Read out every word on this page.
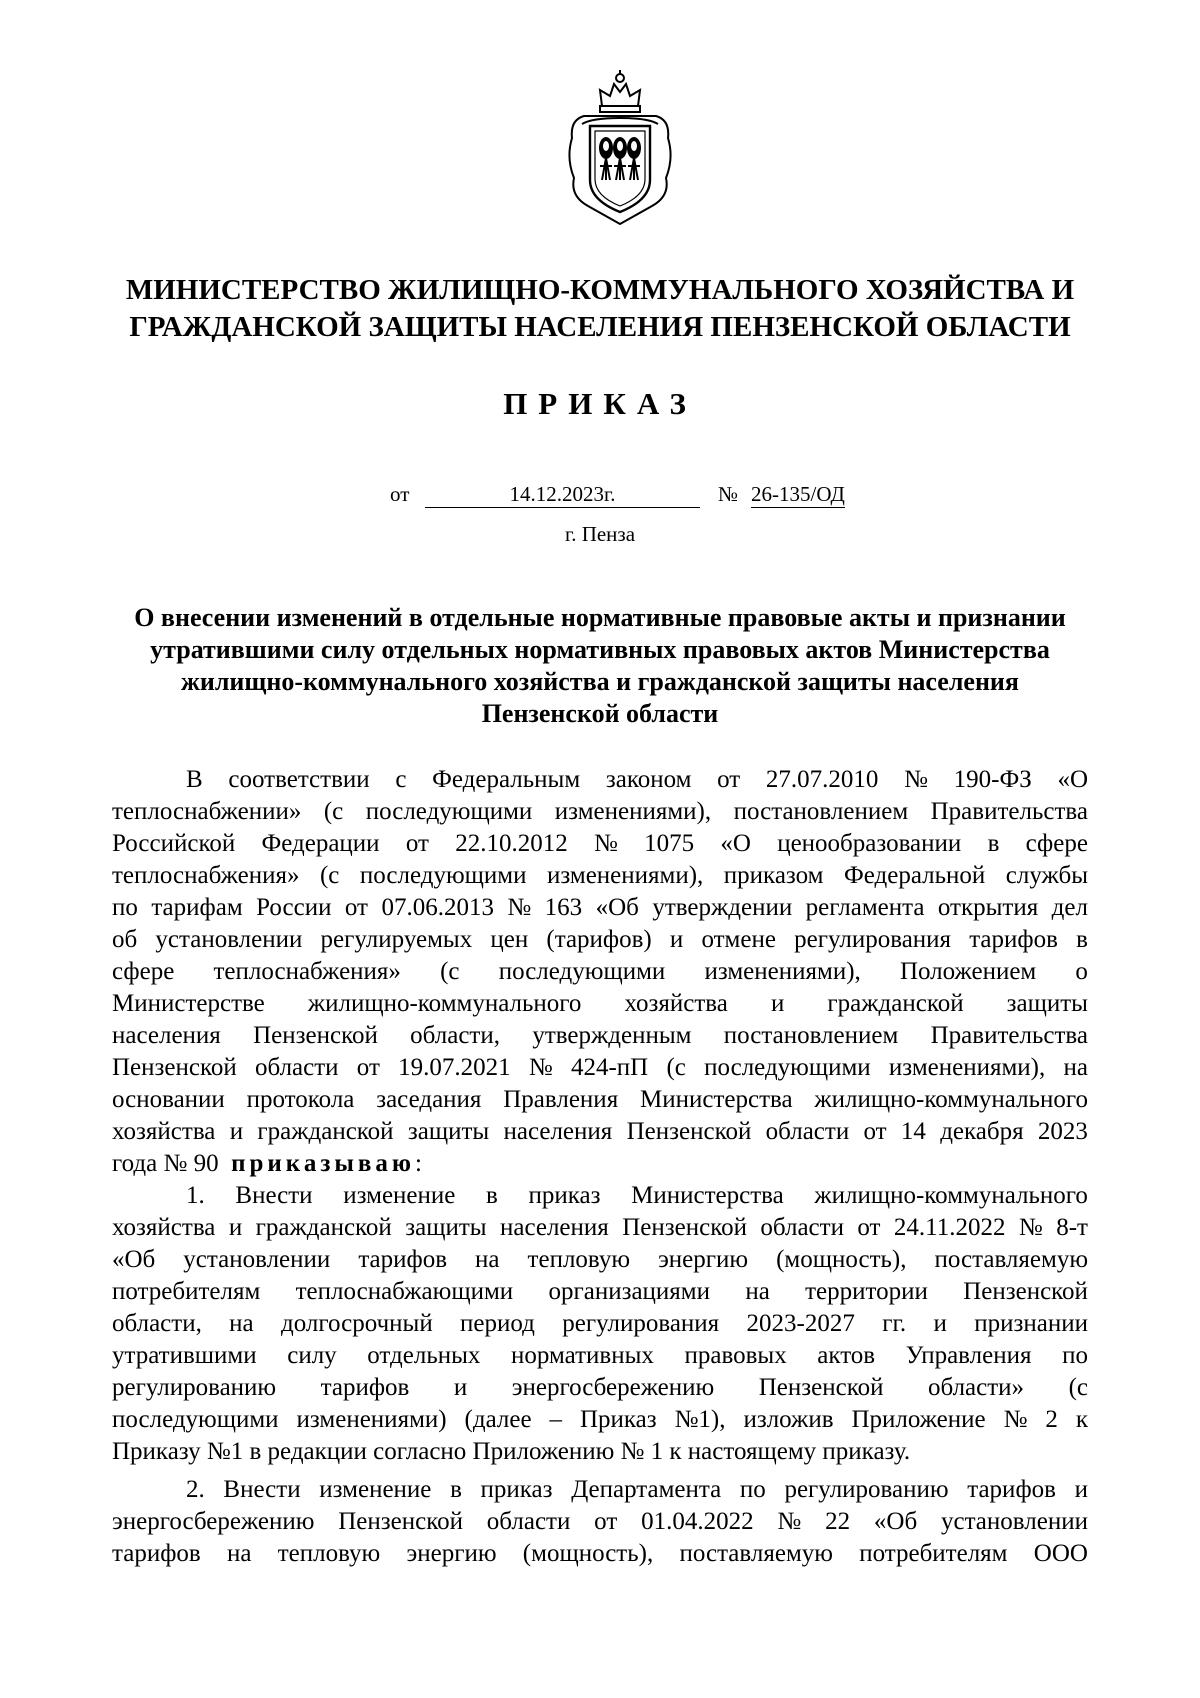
МИНИСТЕРСТВО ЖИЛИЩНО-КОММУНАЛЬНОГО ХОЗЯЙСТВА И
ГРАЖДАНСКОЙ ЗАЩИТЫ НАСЕЛЕНИЯ ПЕНЗЕНСКОЙ ОБЛАСТИ
ПРИКАЗ
от	14.12.2023г.	№ 26-135/ОД
г. Пенза
О внесении изменений в отдельные нормативные правовые акты и признании
утратившими силу отдельных нормативных правовых актов Министерства
жилищно-коммунального хозяйства и гражданской защиты населения
Пензенской области
В соответствии с Федеральным законом от 27.07.2010 № 190-ФЗ «О
теплоснабжении» (с последующими изменениями), постановлением Правительства
Российской Федерации от 22.10.2012 № 1075 «О ценообразовании в сфере
теплоснабжения» (с последующими изменениями), приказом Федеральной службы
по тарифам России от 07.06.2013 № 163 «Об утверждении регламента открытия дел
об установлении регулируемых цен (тарифов) и отмене регулирования тарифов в
сфере теплоснабжения» (с последующими изменениями), Положением о
Министерстве жилищно-коммунального хозяйства и гражданской защиты
населения Пензенской области, утвержденным постановлением Правительства
Пензенской области от 19.07.2021 № 424-пП (с последующими изменениями), на
основании протокола заседания Правления Министерства жилищно-коммунального
хозяйства и гражданской защиты населения Пензенской области от 14 декабря 2023
года № 90
приказываю :
1. Внести изменение в приказ Министерства жилищно-коммунального
хозяйства и гражданской защиты населения Пензенской области от 24.11.2022 № 8-т
«Об установлении тарифов на тепловую энергию (мощность), поставляемую
потребителям теплоснабжающими организациями на территории Пензенской
области, на долгосрочный период регулирования 2023-2027 гг. и признании
утратившими силу отдельных нормативных правовых актов Управления по
регулированию тарифов и энергосбережению Пензенской области» (с
последующими изменениями) (далее – Приказ №1), изложив Приложение № 2 к
Приказу №1 в редакции согласно Приложению № 1 к настоящему приказу.
2. Внести изменение в приказ Департамента по регулированию тарифов и
энергосбережению Пензенской области от 01.04.2022 № 22 «Об установлении
тарифов на тепловую энергию (мощность), поставляемую потребителям ООО
